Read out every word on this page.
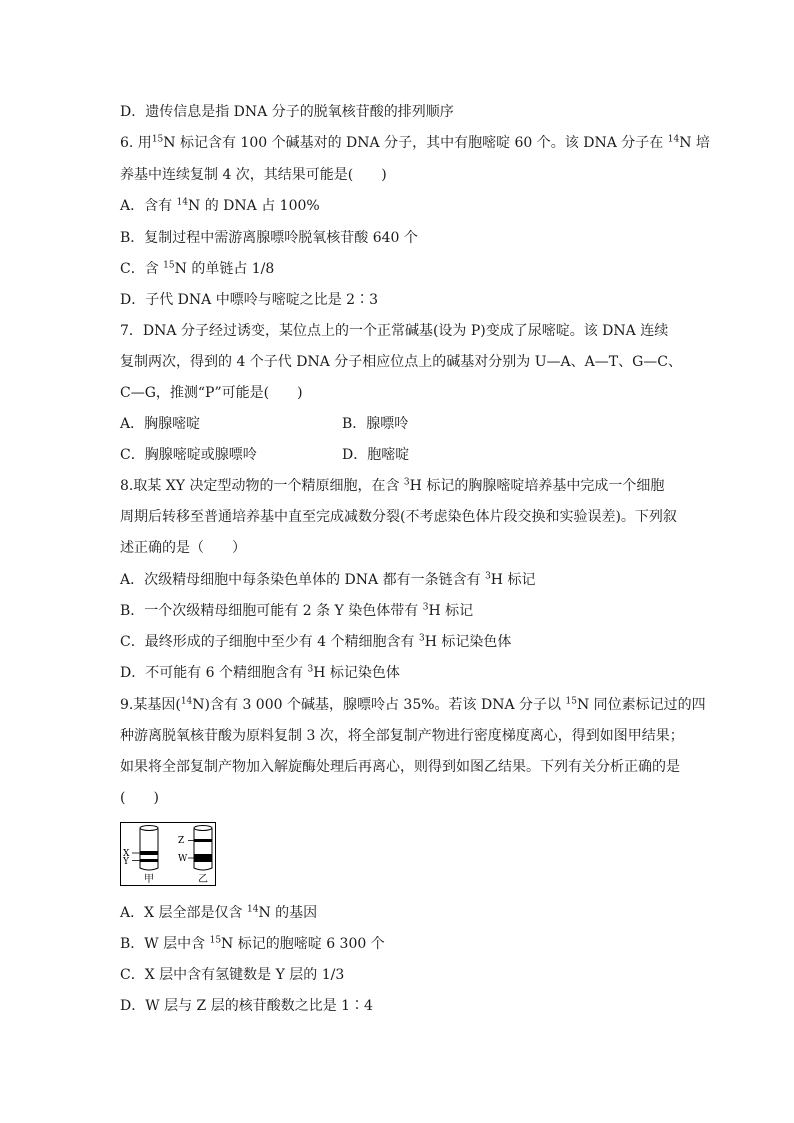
D．遗传信息是指 DNA 分子的脱氧核苷酸的排列顺序
6. 用$^{15}$N 标记含有 100 个碱基对的 DNA 分子，其中有胞嘧啶 60 个。该 DNA 分子在 $^{14}$N 培
养基中连续复制 4 次，其结果可能是(　　)
A．含有 $^{14}$N 的 DNA 占 100%
B．复制过程中需游离腺嘌呤脱氧核苷酸 640 个
C．含 $^{15}$N 的单链占 1/8
D．子代 DNA 中嘌呤与嘧啶之比是 2∶3
7．DNA 分子经过诱变，某位点上的一个正常碱基(设为 P)变成了尿嘧啶。该 DNA 连续
复制两次，得到的 4 个子代 DNA 分子相应位点上的碱基对分别为 U—A、A—T、G—C、
C—G，推测“P”可能是(　　)
A．胸腺嘧啶	B．腺嘌呤
C．胸腺嘧啶或腺嘌呤	D．胞嘧啶
8.取某 XY 决定型动物的一个精原细胞，在含 $^3$H 标记的胸腺嘧啶培养基中完成一个细胞
周期后转移至普通培养基中直至完成减数分裂(不考虑染色体片段交换和实验误差)。下列叙
述正确的是（　　）
A．次级精母细胞中每条染色单体的 DNA 都有一条链含有 $^3$H 标记
B．一个次级精母细胞可能有 2 条 Y 染色体带有 $^3$H 标记
C．最终形成的子细胞中至少有 4 个精细胞含有 $^3$H 标记染色体
D．不可能有 6 个精细胞含有 $^3$H 标记染色体
9.某基因($^{14}$N)含有 3 000 个碱基，腺嘌呤占 35%。若该 DNA 分子以 $^{15}$N 同位素标记过的四
种游离脱氧核苷酸为原料复制 3 次，将全部复制产物进行密度梯度离心，得到如图甲结果；
如果将全部复制产物加入解旋酶处理后再离心，则得到如图乙结果。下列有关分析正确的是
(　　)
X
Y
Z
W
甲	乙
A．X 层全部是仅含 $^{14}$N 的基因
B．W 层中含 $^{15}$N 标记的胞嘧啶 6 300 个
C．X 层中含有氢键数是 Y 层的 1/3
D．W 层与 Z 层的核苷酸数之比是 1∶4
